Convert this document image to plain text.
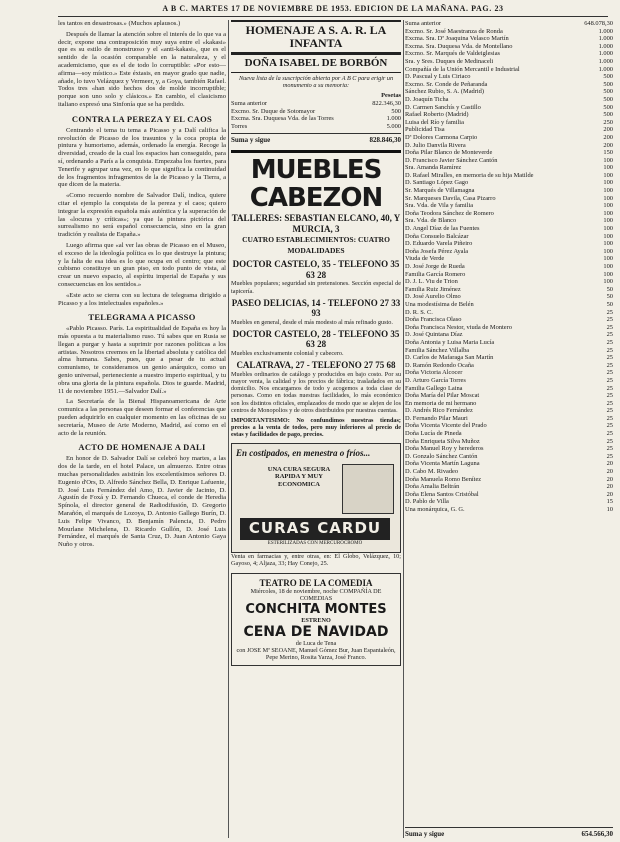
A B C. MARTES 17 DE NOVIEMBRE DE 1953. EDICION DE LA MAÑANA. PAG. 23

les tantos en desastrosas.» (Muchos aplausos.)

Después de llamar la atención sobre el interés de lo que va a decir, expone una contraposición muy suya entre el «kakasi» que es su estilo de monstruoso y el «anti-kakasi», que es el sentido de la ocasión comparable en la naturaleza, y el academicismo, que es el de todo lo corruptible: «Por esto—afirma—soy místico.» Este éxtasis, en mayor grado que nadie, añade, lo tuvo Velázquez y Vermeer, y, a Goya, también Rafael. Todos tres «han sido hechos dos de molde incorruptible; porque son uno solo y clásicos.» En cambio, el clasicismo italiano expresó una Sinfonía que se ha perdido.

CONTRA LA PEREZA Y EL CAOS

Centrando el tema tu tema a Picasso y a Dalí califica la revolución de Picasso de los trasuntos y la coca propia de pintura y humorismo, además, ordenado la energía. Recoge la diversidad, creado de la cual los espacios han conseguido, para sí, ordenando a París a la conquista. Empezaba los fuertes, para Tenerife y agrupar una vez, en lo que significa la continuidad de los fragmentos infragmentos de la de Picasso y la Tierra, a que dicen de la materia.

«Como recuerdo nombre de Salvador Dalí, indica, quiere citar el ejemplo la conquista de la pereza y el caos; quiero integrar la expresión española más auténtica y la superación de las «locuras y críticas»; ya que la pintura pictórica del surrealismo no será español consecuencia, sino en la gran tradición y realista de España.»

Luego afirma que «al ver las obras de Picasso en el Museo, el exceso de la ideología política es lo que destruye la pintura; y la falta de esa idea es lo que ocupa en el centro; que este cubismo constituye un gran piso, en todo punto de vista, al crear un nuevo espacio, al espíritu imperial de España y sus consecuencias en los sentidos.»

«Este acto se cierra con su lectura de telegrama dirigido a Picasso y a los intelectuales españoles.»

TELEGRAMA A PICASSO

«Pablo Picasso. París. La espiritualidad de España es hoy la más opuesta a tu materialismo ruso. Tú sabes que en Rusia se llegan a purgar y hasta a suprimir por razones políticas a los artistas. Nosotros creemos en la libertad absoluta y católica del alma humana. Sabes, pues, que a pesar de tu actual comunismo, te consideramos un genio anárquico, como un genio universal, perteneciente a nuestro imperio espiritual, y tu obra una gloria de la pintura española. Dios te guarde. Madrid, 11 de noviembre 1951.—Salvador Dalí.»

La Secretaría de la Bienal Hispanoamericana de Arte comunica a las personas que deseen formar el conferencias que pueden adquirirlo en cualquier momento en las oficinas de su secretaría, Museo de Arte Moderno, Madrid, así como en el acto de la reunión.

ACTO DE HOMENAJE A DALI

En honor de D. Salvador Dalí se celebró hoy martes, a las dos de la tarde, en el hotel Palace, un almuerzo. Entre otras muchas personalidades asistirán los excelentísimos señores D. Eugenio d'Ors, D. Alfredo Sánchez Bella, D. Enrique Lafuente, D. José Luis Fernández del Amo, D. Javier de Jacinto, D. Agustín de Foxá y D. Fernando Chueca, el conde de Heredia Spínola, el director general de Radiodifusión, D. Gregorio Marañón, el marqués de Lozoya, D. Antonio Gallego Burín, D. Luis Felipe Vivanco, D. Benjamín Palencia, D. Pedro Mourlane Michelena, D. Ricardo Gullón, D. José Luis Fernández, el marqués de Santa Cruz, D. Juan Antonio Gaya Nuño y otros.

HOMENAJE A S. A. R. LA INFANTA
DOÑA ISABEL DE BORBÓN

Nueva lista de la suscripción abierta por A B C para erigir un monumento a su memoria:

Pesetas
Suma anterior	822.346,30
Excmo. Sr. Duque de Sotomayor	500
Excma. Sra. Duquesa Vda. de las Torres	1.000
Torres	5.000
Suma y sigue	828.846,30
MUEBLES CABEZON
TALLERES: SEBASTIAN ELCANO, 40, Y MURCIA, 3
CUATRO ESTABLECIMIENTOS: CUATRO MODALIDADES
DOCTOR CASTELO, 35 - TELEFONO 35 63 28

Muebles populares; seguridad sin pretensiones. Sección especial de tapicería.

PASEO DELICIAS, 14 - TELEFONO 27 33 93

Muebles en general, desde el más modesto al más refinado gusto.

DOCTOR CASTELO, 28 - TELEFONO 35 63 28

Muebles exclusivamente colonial y cabecero.

CALATRAVA, 27 - TELEFONO 27 75 68

Muebles ordinarios de catálogo y producidos en bajo costo. Por su mayor venta, la calidad y los precios de fábrica; trasladados en su domicilio. Nos encargamos de todo y acogemos a toda clase de personas. Como en todas nuestras facilidades, lo más económico son los distintos oficiales, emplazados de modo que se alejen de los centros de Monopolios y de otros distribuidos por nuestras cuentas.

IMPORTANTISIMO: No confundimos nuestras tiendas; precios a la venta de todos, pero muy inferiores al precio de estas y facilidades de pago, precios.

En costipados, en menestra o fríos...
UNA CURA SEGURA RAPIDA Y MUY ECONOMICA
CURAS CARDU
ESTERILIZADAS CON MERCUROCROMO

Venta en farmacias y, entre otras, en: El Globo, Velázquez, 10; Gayoso, 4; Aljaza, 33; Hay Conejo, 25.

TEATRO DE LA COMEDIA
Miércoles, 18 de noviembre, noche COMPAÑÍA DE COMEDIAS
CONCHITA MONTES
ESTRENO
CENA DE NAVIDAD
de Luca de Tena
con JOSE Mª SEOANE, Manuel Gómez Bur, Juan Espantaleón, Pepe Merino, Rosita Yarza, José Franco.
Suma anterior	648.078,30
Excmo. Sr. José Maestranza de Ronda	1.000
Excma. Sra. Dª Joaquina Velasco Martín	1.000
Excma. Sra. Duquesa Vda. de Montellano	1.000
Excmo. Sr. Marqués de Valdeiglesias	1.000
Sra. y Sres. Duques de Medinaceli	1.000
Compañía de la Unión Mercantil e Industrial	1.000
D. Pascual y Luis Ciriaco	500
Excmo. Sr. Conde de Peñaranda	500
Sánchez Rubio, S. A. (Madrid)	500
D. Joaquín Ticha	500
D. Carmen Sanchís y Castillo	500
Rafael Roberto (Madrid)	500
Luisa del Río y familia	250
Publicidad Tisa	200
Dª Dolores Carmona Carpio	200
D. Julio Danvila Rivera	200
Doña Pilar Blanco de Monteverde	150
D. Francisco Javier Sánchez Cantón	100
Sra. Amanda Ramírez	100
D. Rafael Miralles, en memoria de su hija Matilde	100
D. Santiago López Gago	100
Sr. Marqués de Villamagna	100
Sr. Marqueses Davila, Casa Pizarro	100
Sra. Vda. de Vila y familia	100
Doña Teodora Sánchez de Romero	100
Sra. Vda. de Blanco	100
D. Angel Díaz de las Fuentes	100
Doña Consuelo Balcázar	100
D. Eduardo Varela Piñeiro	100
Doña Josefa Pérez Ayala	100
Viuda de Verde	100
D. José Jorge de Rueda	100
Familia García Romero	100
D. J. L. Viu de Trion	100
Familia Ruiz Jiménez	50
D. José Aurelio Olmo	50
Una modestísima de Belén	50
D. R. S. C.	25
Doña Francisca Olaso	25
Doña Francisca Nestor, viuda de Montero	25
D. José Quintana Díaz	25
Doña Antonia y Luisa Maria Lucía	25
Familia Sánchez Villalba	25
D. Carlos de Mafaraga San Martín	25
D. Ramón Redondo Ocaña	25
Doña Victoria Alcocer	25
D. Arturo García Torres	25
Familia Gallego Laina	25
Doña María del Pilar Moscat	25
En memoria de mi hermano	25
D. Andrés Rico Fernández	25
D. Fernando Pilar Mauri	25
Doña Vicenta Vicente del Prado	25
Doña Lucía de Pineda	25
Doña Enriqueta Silva Muñoz	25
Doña Manuel Roy y herederos	25
D. Gonzalo Sánchez Cantón	25
Doña Vicenta Martín Laguna	20
D. Cabo M. Rivadeo	20
Doña Manuela Romo Benítez	20
Doña Amalia Beltrán	20
Doña Elena Santos Cristóbal	20
D. Pablo de Villa	15
Una monárquica, G. G.	10
Suma y sigue	654.566,30
